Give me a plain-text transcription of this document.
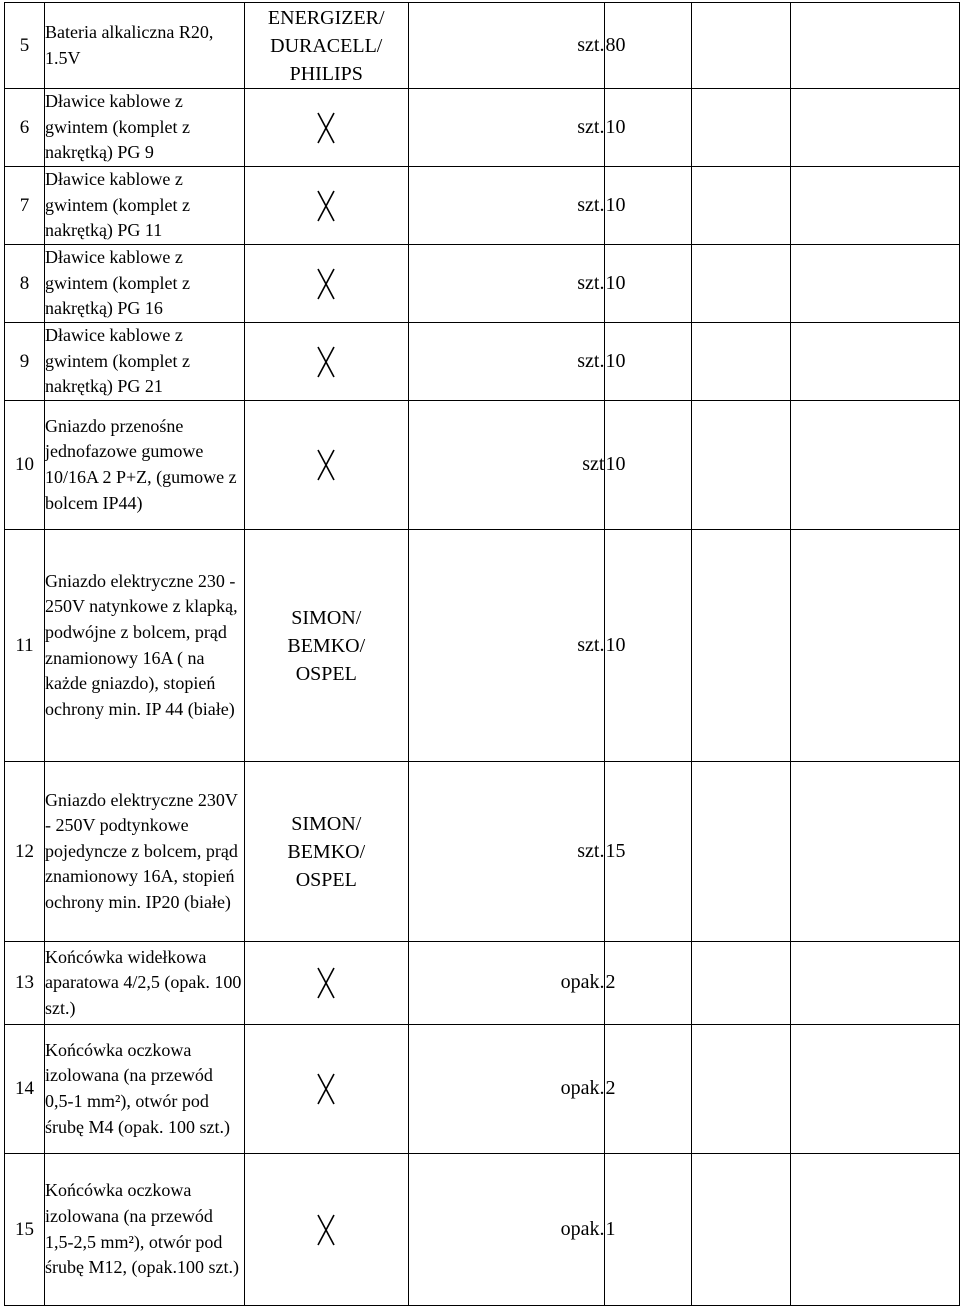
5	Bateria alkaliczna R20, 1.5V	ENERGIZER/
DURACELL/
PHILIPS	szt.	80		
6	Dławice kablowe z gwintem (komplet z nakrętką) PG 9		szt.	10		
7	Dławice kablowe z gwintem (komplet z nakrętką) PG 11		szt.	10		
8	Dławice kablowe z gwintem (komplet z nakrętką) PG 16		szt.	10		
9	Dławice kablowe z gwintem (komplet z nakrętką) PG 21		szt.	10		
10	Gniazdo przenośne jednofazowe gumowe 10/16A 2 P+Z, (gumowe z bolcem IP44)		szt	10		
11	Gniazdo elektryczne 230 - 250V natynkowe z klapką, podwójne z bolcem, prąd znamionowy 16A ( na każde gniazdo), stopień ochrony min. IP 44 (białe)	SIMON/
BEMKO/
OSPEL	szt.	10		
12	Gniazdo elektryczne 230V - 250V podtynkowe pojedyncze z bolcem, prąd znamionowy 16A, stopień ochrony min. IP20 (białe)	SIMON/
BEMKO/
OSPEL	szt.	15		
13	Końcówka widełkowa aparatowa 4/2,5 (opak. 100 szt.)		opak.	2		
14	Końcówka oczkowa izolowana (na przewód 0,5-1 mm²), otwór pod śrubę M4 (opak. 100 szt.)		opak.	2		
15	Końcówka oczkowa izolowana (na przewód 1,5-2,5 mm²), otwór pod śrubę M12, (opak.100 szt.)		opak.	1		
